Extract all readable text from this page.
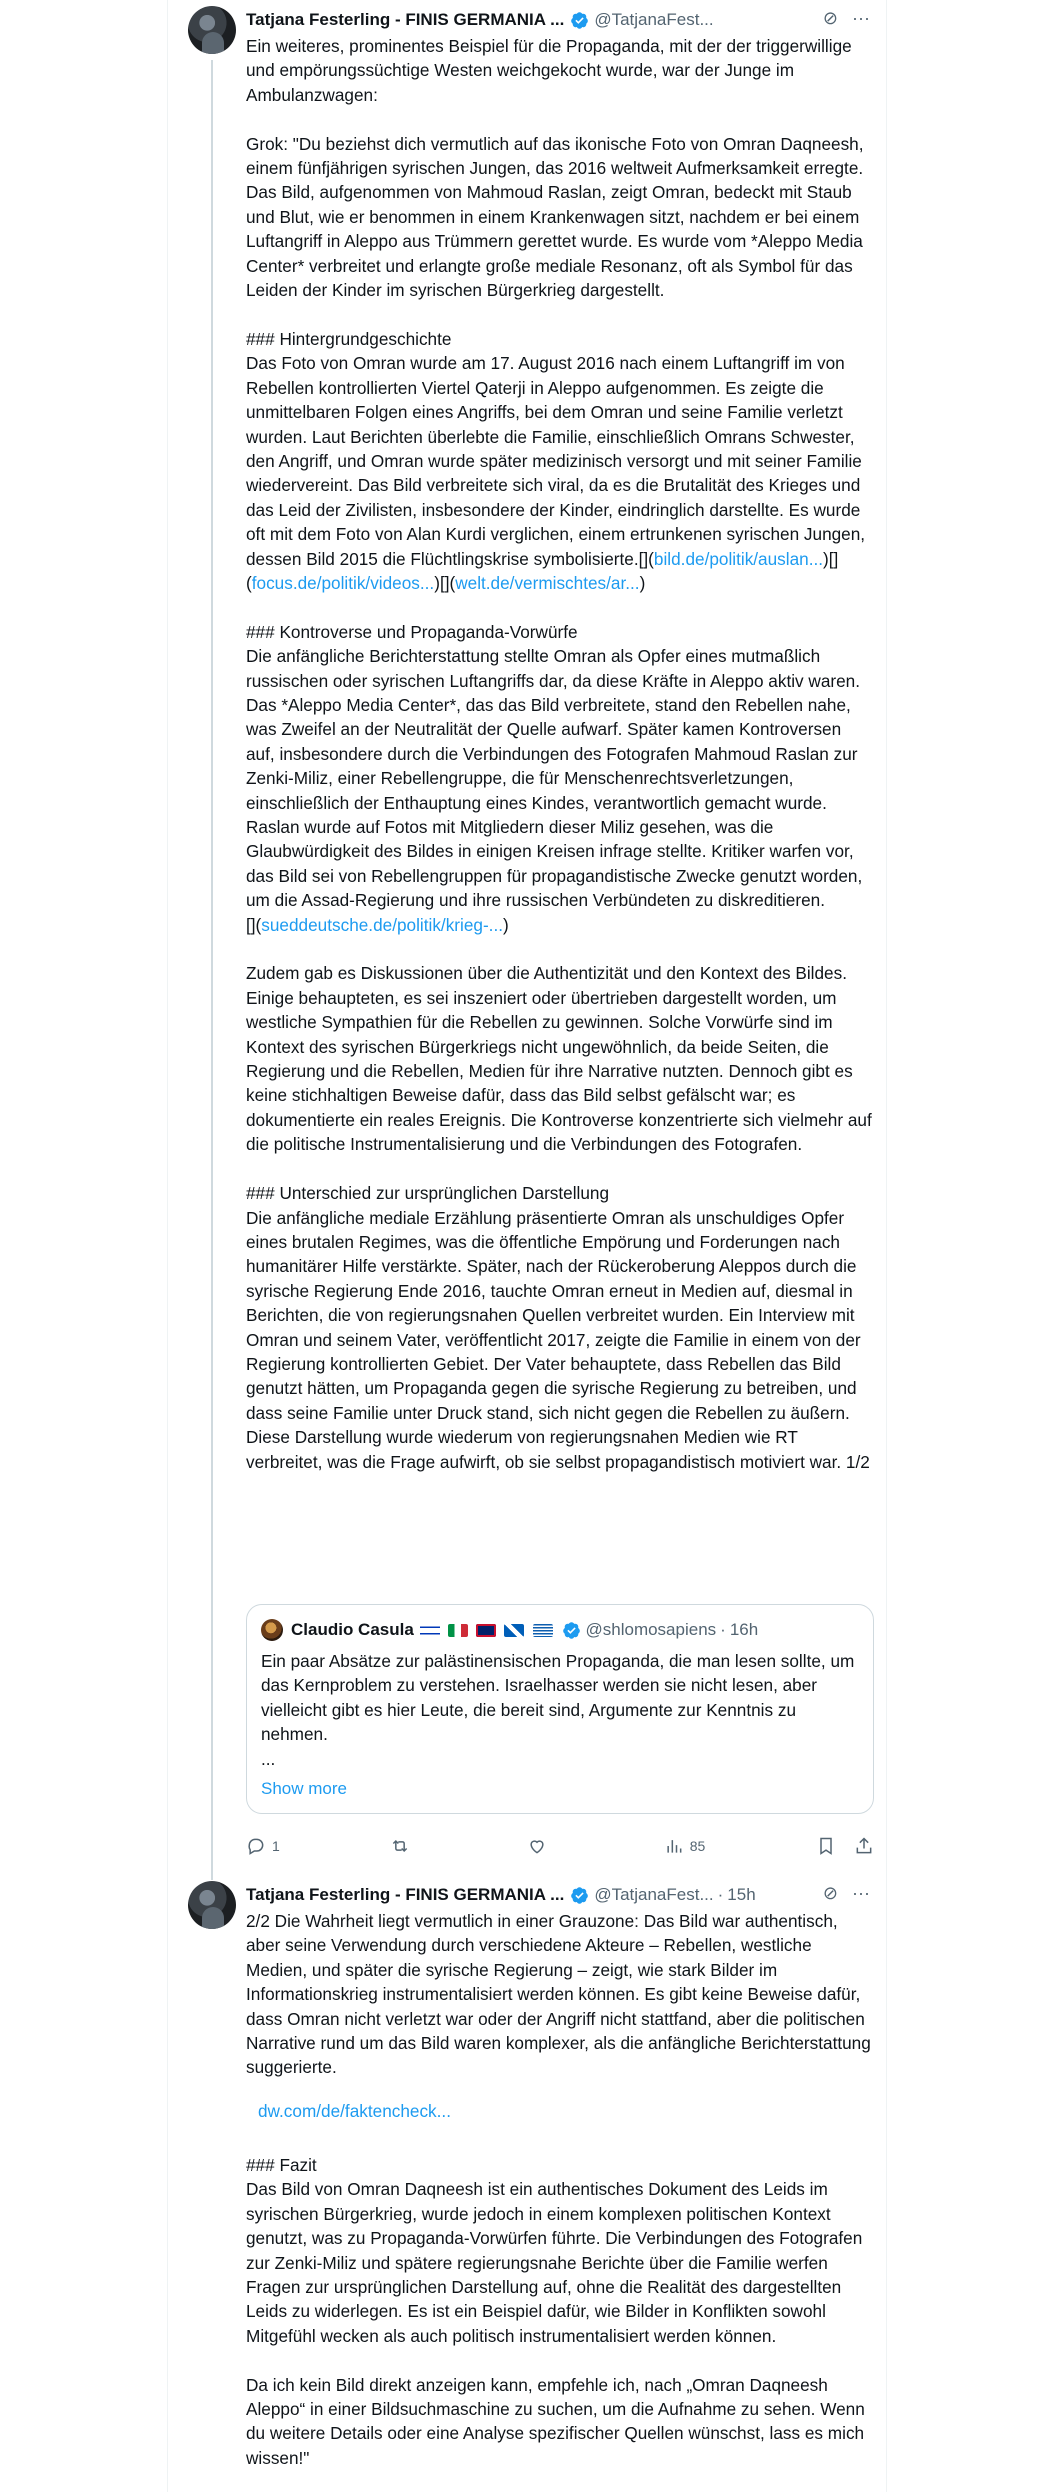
Tatjana Festerling - FINIS GERMANIA ... @TatjanaFest...	⊘ ···
Ein weiteres, prominentes Beispiel für die Propaganda, mit der der triggerwillige und empörungssüchtige Westen weichgekocht wurde, war der Junge im Ambulanzwagen:

Grok: "Du beziehst dich vermutlich auf das ikonische Foto von Omran Daqneesh, einem fünfjährigen syrischen Jungen, das 2016 weltweit Aufmerksamkeit erregte. Das Bild, aufgenommen von Mahmoud Raslan, zeigt Omran, bedeckt mit Staub und Blut, wie er benommen in einem Krankenwagen sitzt, nachdem er bei einem Luftangriff in Aleppo aus Trümmern gerettet wurde. Es wurde vom *Aleppo Media Center* verbreitet und erlangte große mediale Resonanz, oft als Symbol für das Leiden der Kinder im syrischen Bürgerkrieg dargestellt.

### Hintergrundgeschichte
Das Foto von Omran wurde am 17. August 2016 nach einem Luftangriff im von Rebellen kontrollierten Viertel Qaterji in Aleppo aufgenommen. Es zeigte die unmittelbaren Folgen eines Angriffs, bei dem Omran und seine Familie verletzt wurden. Laut Berichten überlebte die Familie, einschließlich Omrans Schwester, den Angriff, und Omran wurde später medizinisch versorgt und mit seiner Familie wiedervereint. Das Bild verbreitete sich viral, da es die Brutalität des Krieges und das Leid der Zivilisten, insbesondere der Kinder, eindringlich darstellte. Es wurde oft mit dem Foto von Alan Kurdi verglichen, einem ertrunkenen syrischen Jungen, dessen Bild 2015 die Flüchtlingskrise symbolisierte.[](bild.de/politik/auslan...)[](focus.de/politik/videos...)[](welt.de/vermischtes/ar...)

### Kontroverse und Propaganda-Vorwürfe
Die anfängliche Berichterstattung stellte Omran als Opfer eines mutmaßlich russischen oder syrischen Luftangriffs dar, da diese Kräfte in Aleppo aktiv waren. Das *Aleppo Media Center*, das das Bild verbreitete, stand den Rebellen nahe, was Zweifel an der Neutralität der Quelle aufwarf. Später kamen Kontroversen auf, insbesondere durch die Verbindungen des Fotografen Mahmoud Raslan zur Zenki-Miliz, einer Rebellengruppe, die für Menschenrechtsverletzungen, einschließlich der Enthauptung eines Kindes, verantwortlich gemacht wurde. Raslan wurde auf Fotos mit Mitgliedern dieser Miliz gesehen, was die Glaubwürdigkeit des Bildes in einigen Kreisen infrage stellte. Kritiker warfen vor, das Bild sei von Rebellengruppen für propagandistische Zwecke genutzt worden, um die Assad-Regierung und ihre russischen Verbündeten zu diskreditieren.
[](sueddeutsche.de/politik/krieg-...)

Zudem gab es Diskussionen über die Authentizität und den Kontext des Bildes. Einige behaupteten, es sei inszeniert oder übertrieben dargestellt worden, um westliche Sympathien für die Rebellen zu gewinnen. Solche Vorwürfe sind im Kontext des syrischen Bürgerkriegs nicht ungewöhnlich, da beide Seiten, die Regierung und die Rebellen, Medien für ihre Narrative nutzten. Dennoch gibt es keine stichhaltigen Beweise dafür, dass das Bild selbst gefälscht war; es dokumentierte ein reales Ereignis. Die Kontroverse konzentrierte sich vielmehr auf die politische Instrumentalisierung und die Verbindungen des Fotografen.

### Unterschied zur ursprünglichen Darstellung
Die anfängliche mediale Erzählung präsentierte Omran als unschuldiges Opfer eines brutalen Regimes, was die öffentliche Empörung und Forderungen nach humanitärer Hilfe verstärkte. Später, nach der Rückeroberung Aleppos durch die syrische Regierung Ende 2016, tauchte Omran erneut in Medien auf, diesmal in Berichten, die von regierungsnahen Quellen verbreitet wurden. Ein Interview mit Omran und seinem Vater, veröffentlicht 2017, zeigte die Familie in einem von der Regierung kontrollierten Gebiet. Der Vater behauptete, dass Rebellen das Bild genutzt hätten, um Propaganda gegen die syrische Regierung zu betreiben, und dass seine Familie unter Druck stand, sich nicht gegen die Rebellen zu äußern. Diese Darstellung wurde wiederum von regierungsnahen Medien wie RT verbreitet, was die Frage aufwirft, ob sie selbst propagandistisch motiviert war. 1/2
Claudio Casula
	@shlomosapiens · 16h
Ein paar Absätze zur palästinensischen Propaganda, die man lesen sollte, um das Kernproblem zu verstehen. Israelhasser werden sie nicht lesen, aber vielleicht gibt es hier Leute, die bereit sind, Argumente zur Kenntnis zu nehmen.
...
Show more
1	85
Tatjana Festerling - FINIS GERMANIA ... @TatjanaFest... · 15h	⊘ ···
2/2 Die Wahrheit liegt vermutlich in einer Grauzone: Das Bild war authentisch, aber seine Verwendung durch verschiedene Akteure – Rebellen, westliche Medien, und später die syrische Regierung – zeigt, wie stark Bilder im Informationskrieg instrumentalisiert werden können. Es gibt keine Beweise dafür, dass Omran nicht verletzt war oder der Angriff nicht stattfand, aber die politischen Narrative rund um das Bild waren komplexer, als die anfängliche Berichterstattung suggerierte.
dw.com/de/faktencheck...
### Fazit
Das Bild von Omran Daqneesh ist ein authentisches Dokument des Leids im syrischen Bürgerkrieg, wurde jedoch in einem komplexen politischen Kontext genutzt, was zu Propaganda-Vorwürfen führte. Die Verbindungen des Fotografen zur Zenki-Miliz und spätere regierungsnahe Berichte über die Familie werfen Fragen zur ursprünglichen Darstellung auf, ohne die Realität des dargestellten Leids zu widerlegen. Es ist ein Beispiel dafür, wie Bilder in Konflikten sowohl Mitgefühl wecken als auch politisch instrumentalisiert werden können.

Da ich kein Bild direkt anzeigen kann, empfehle ich, nach „Omran Daqneesh Aleppo“ in einer Bildsuchmaschine zu suchen, um die Aufnahme zu sehen. Wenn du weitere Details oder eine Analyse spezifischer Quellen wünschst, lass es mich wissen!"
